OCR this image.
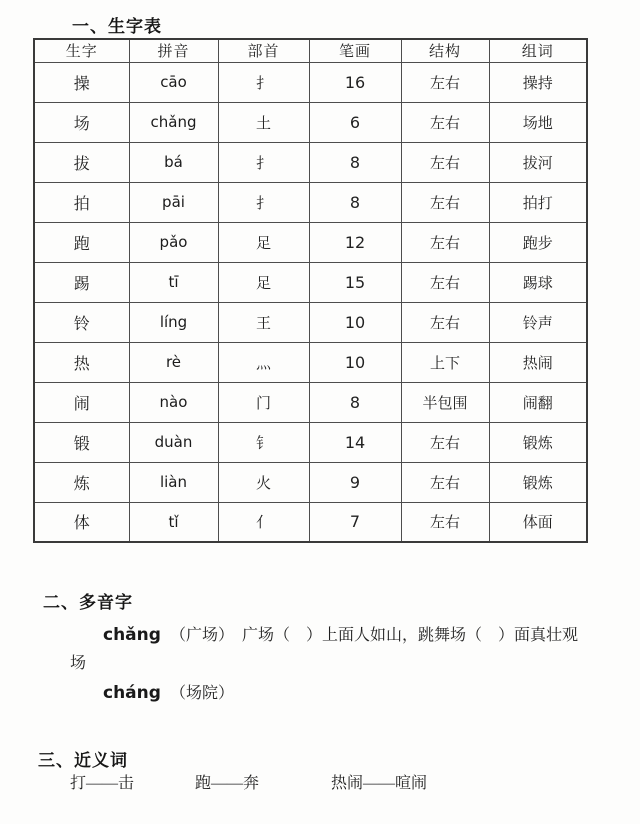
一、生字表
生字	拼音	部首	笔画	结构	组词
操	cāo	扌	16	左右	操持
场	chǎng	土	6	左右	场地
拔	bá	扌	8	左右	拔河
拍	pāi	扌	8	左右	拍打
跑	pǎo	足	12	左右	跑步
踢	tī	足	15	左右	踢球
铃	líng	王	10	左右	铃声
热	rè	灬	10	上下	热闹
闹	nào	门	8	半包围	闹翻
锻	duàn	钅	14	左右	锻炼
炼	liàn	火	9	左右	锻炼
体	tǐ	亻	7	左右	体面
二、多音字
chǎng （广场）　广场（　）上面人如山，跳舞场（　）面真壮观
场
cháng （场院）
三、近义词
打——击	跑——奔	热闹——喧闹
